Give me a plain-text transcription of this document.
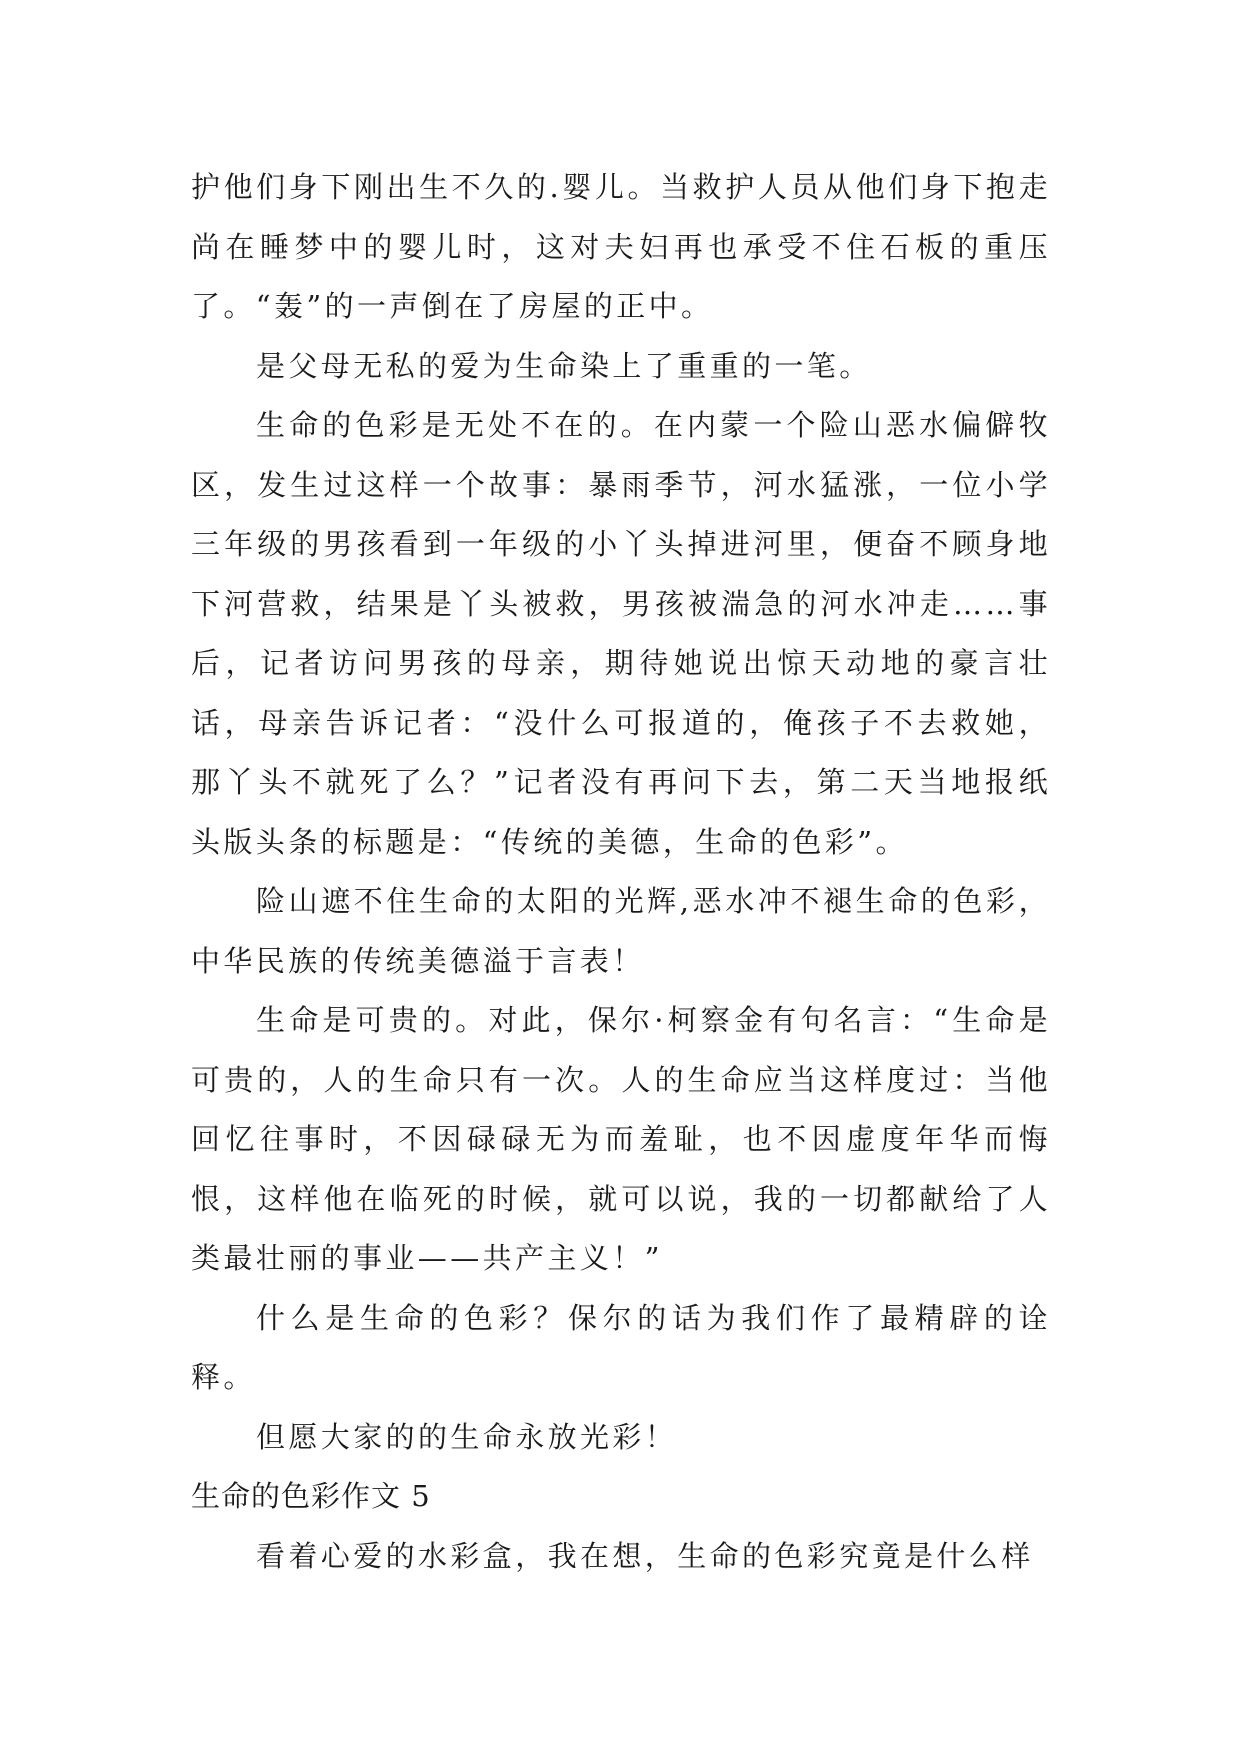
护他们身下刚出生不久的.婴儿。当救护人员从他们身下抱走尚在睡梦中的婴儿时，这对夫妇再也承受不住石板的重压了。“轰”的一声倒在了房屋的正中。

是父母无私的爱为生命染上了重重的一笔。

生命的色彩是无处不在的。在内蒙一个险山恶水偏僻牧区，发生过这样一个故事：暴雨季节，河水猛涨，一位小学三年级的男孩看到一年级的小丫头掉进河里，便奋不顾身地下河营救，结果是丫头被救，男孩被湍急的河水冲走……事后，记者访问男孩的母亲，期待她说出惊天动地的豪言壮话，母亲告诉记者：“没什么可报道的，俺孩子不去救她，那丫头不就死了么？”记者没有再问下去，第二天当地报纸头版头条的标题是：“传统的美德，生命的色彩”。

险山遮不住生命的太阳的光辉,恶水冲不褪生命的色彩，中华民族的传统美德溢于言表！

生命是可贵的。对此，保尔·柯察金有句名言：“生命是可贵的，人的生命只有一次。人的生命应当这样度过：当他回忆往事时，不因碌碌无为而羞耻，也不因虚度年华而悔恨，这样他在临死的时候，就可以说，我的一切都献给了人类最壮丽的事业——共产主义！”

什么是生命的色彩？保尔的话为我们作了最精辟的诠释。

但愿大家的的生命永放光彩！

生命的色彩作文 5

看着心爱的水彩盒，我在想，生命的色彩究竟是什么样
